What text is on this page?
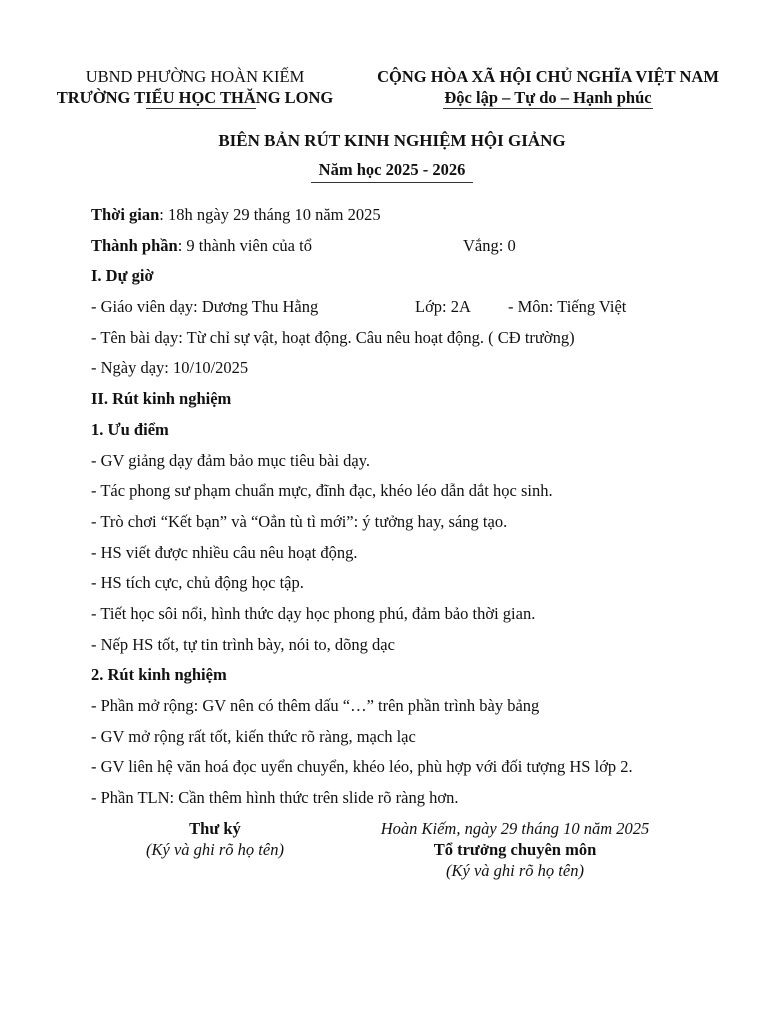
UBND PHƯỜNG HOÀN KIẾM
TRƯỜNG TIỂU HỌC THĂNG LONG
CỘNG HÒA XÃ HỘI CHỦ NGHĨA VIỆT NAM
Độc lập – Tự do – Hạnh phúc
BIÊN BẢN RÚT KINH NGHIỆM HỘI GIẢNG
Năm học 2025 - 2026
Thời gian: 18h ngày 29 tháng 10 năm 2025
Thành phần: 9 thành viên của tổ	Vắng: 0
I. Dự giờ
- Giáo viên dạy: Dương Thu Hằng	Lớp: 2A - Môn: Tiếng Việt
- Tên bài dạy: Từ chỉ sự vật, hoạt động. Câu nêu hoạt động. ( CĐ trường)
- Ngày dạy: 10/10/2025
II. Rút kinh nghiệm
1. Ưu điểm
- GV giảng dạy đảm bảo mục tiêu bài dạy.
- Tác phong sư phạm chuẩn mực, đĩnh đạc, khéo léo dẫn dắt học sinh.
- Trò chơi “Kết bạn” và “Oẳn tù tì mới”: ý tưởng hay, sáng tạo.
- HS viết được nhiều câu nêu hoạt động.
- HS tích cực, chủ động học tập.
- Tiết học sôi nổi, hình thức dạy học phong phú, đảm bảo thời gian.
- Nếp HS tốt, tự tin trình bày, nói to, dõng dạc
2. Rút kinh nghiệm
- Phần mở rộng: GV nên có thêm dấu “…” trên phần trình bày bảng
- GV mở rộng rất tốt, kiến thức rõ ràng, mạch lạc
- GV liên hệ văn hoá đọc uyển chuyển, khéo léo, phù hợp với đối tượng HS lớp 2.
- Phần TLN: Cần thêm hình thức trên slide rõ ràng hơn.
Thư ký
(Ký và ghi rõ họ tên)
Hoàn Kiếm, ngày 29 tháng 10 năm 2025
Tổ trưởng chuyên môn
(Ký và ghi rõ họ tên)
